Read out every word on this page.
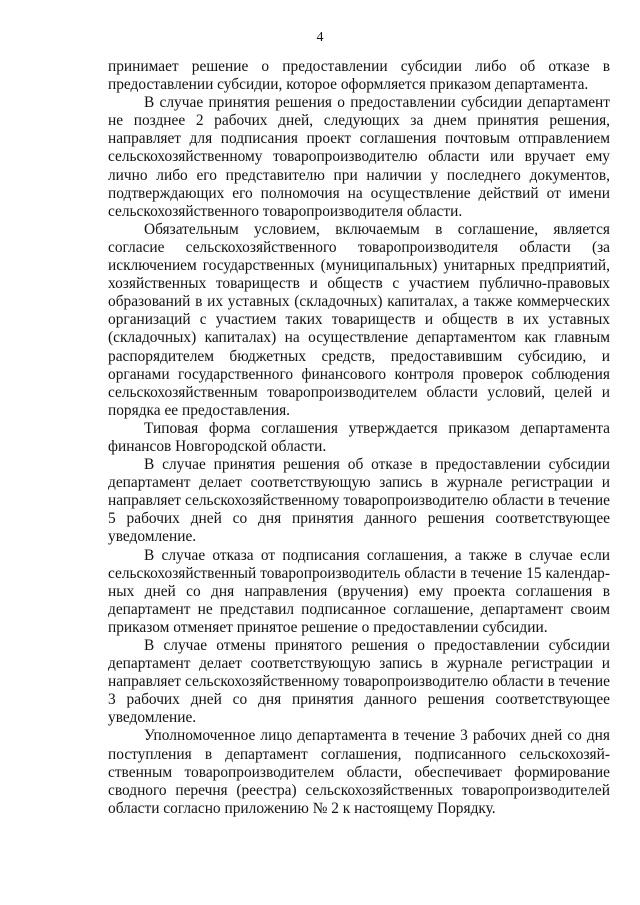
4

принимает решение о предоставлении субсидии либо об отказе в предоставлении субсидии, которое оформляется приказом департамента.

В случае принятия решения о предоставлении субсидии департамент не позднее 2 рабочих дней, следующих за днем принятия решения, направляет для подписания проект соглашения почтовым отправлением сельскохозяйственному товаропроизводителю области или вручает ему лично либо его представителю при наличии у последнего документов, подтверждающих его полномочия на осуществление действий от имени сельскохозяйственного товаропроизводителя области.

Обязательным условием, включаемым в соглашение, является согласие сельскохозяйственного товаропроизводителя области (за исключением государственных (муниципальных) унитарных предприятий, хозяйственных товариществ и обществ с участием публично-правовых образований в их уставных (складочных) капиталах, а также коммерческих организаций с участием таких товариществ и обществ в их уставных (складочных) капиталах) на осуществление департаментом как главным распорядителем бюджетных средств, предоставившим субсидию, и органами государственного финансового контроля проверок соблюдения сельскохозяйственным товаропроизводителем области условий, целей и порядка ее предоставления.

Типовая форма соглашения утверждается приказом департамента финансов Новгородской области.

В случае принятия решения об отказе в предоставлении субсидии департамент делает соответствующую запись в журнале регистрации и направляет сельскохозяйственному товаропроизводителю области в течение 5 рабочих дней со дня принятия данного решения соответствующее уведомление.

В случае отказа от подписания соглашения, а также в случае если сельскохозяйственный товаропроизводитель области в течение 15 календарных дней со дня направления (вручения) ему проекта соглашения в департамент не представил подписанное соглашение, департамент своим приказом отменяет принятое решение о предоставлении субсидии.

В случае отмены принятого решения о предоставлении субсидии департамент делает соответствующую запись в журнале регистрации и направляет сельскохозяйственному товаропроизводителю области в течение 3 рабочих дней со дня принятия данного решения соответствующее уведомление.

Уполномоченное лицо департамента в течение 3 рабочих дней со дня поступления в департамент соглашения, подписанного сельскохозяйственным товаропроизводителем области, обеспечивает формирование сводного перечня (реестра) сельскохозяйственных товаропроизводителей области согласно приложению № 2 к настоящему Порядку.
